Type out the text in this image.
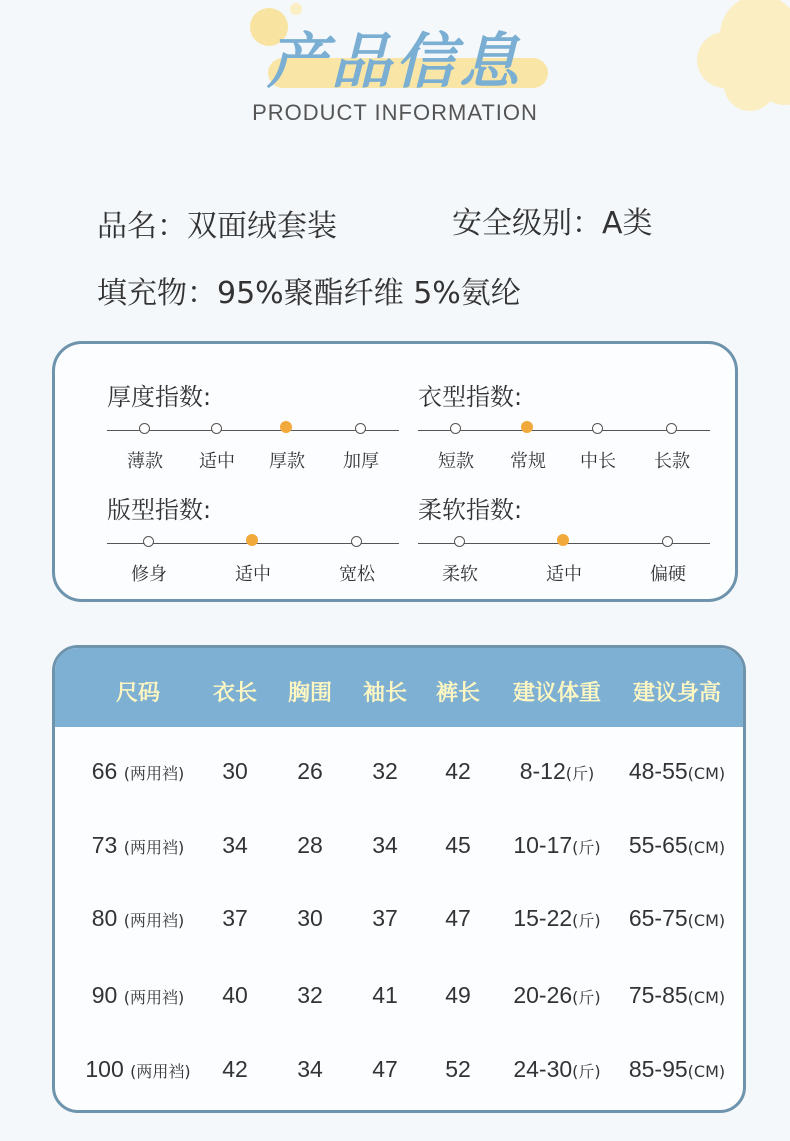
产品信息
PRODUCT INFORMATION
品名：双面绒套装	安全级别：A类
填充物：95%聚酯纤维 5%氨纶
厚度指数:
薄款	适中	厚款	加厚
衣型指数:
短款	常规	中长	长款
版型指数:
修身	适中	宽松
柔软指数:
柔软	适中	偏硬
尺码	衣长	胸围	袖长	裤长	建议体重	建议身高
66 (两用裆)	30	26	32	42	8-12(斤)	48-55(CM)
73 (两用裆)	34	28	34	45	10-17(斤)	55-65(CM)
80 (两用裆)	37	30	37	47	15-22(斤)	65-75(CM)
90 (两用裆)	40	32	41	49	20-26(斤)	75-85(CM)
100 (两用裆)	42	34	47	52	24-30(斤)	85-95(CM)
